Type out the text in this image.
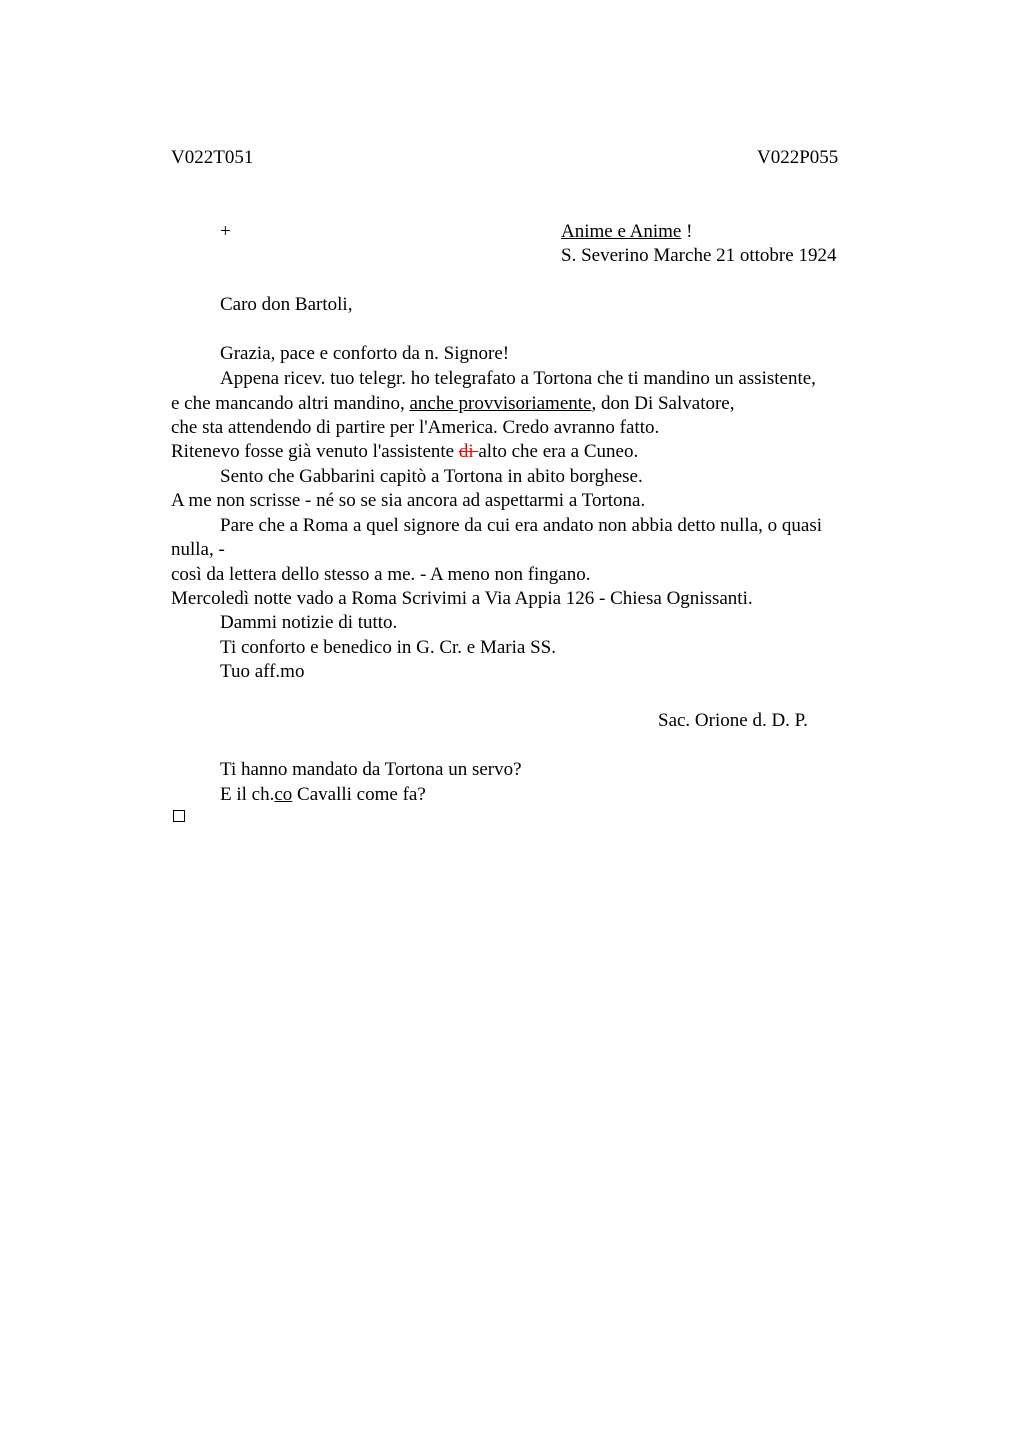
V022T051	V022P055
+	Anime e Anime !
S. Severino Marche 21 ottobre 1924
Caro don Bartoli,
Grazia, pace e conforto da n. Signore!
Appena ricev. tuo telegr. ho telegrafato a Tortona che ti mandino un assistente,
e che mancando altri mandino, anche provvisoriamente, don Di Salvatore,
che sta attendendo di partire per l'America. Credo avranno fatto.
Ritenevo fosse già venuto l'assistente di alto che era a Cuneo.
Sento che Gabbarini capitò a Tortona in abito borghese.
A me non scrisse - né so se sia ancora ad aspettarmi a Tortona.
Pare che a Roma a quel signore da cui era andato non abbia detto nulla, o quasi
nulla, -
così da lettera dello stesso a me. - A meno non fingano.
Mercoledì notte vado a Roma Scrivimi a Via Appia 126 - Chiesa Ognissanti.
Dammi notizie di tutto.
Ti conforto e benedico in G. Cr. e Maria SS.
Tuo aff.mo
Sac. Orione d. D. P.
Ti hanno mandato da Tortona un servo?
E il ch.co Cavalli come fa?
